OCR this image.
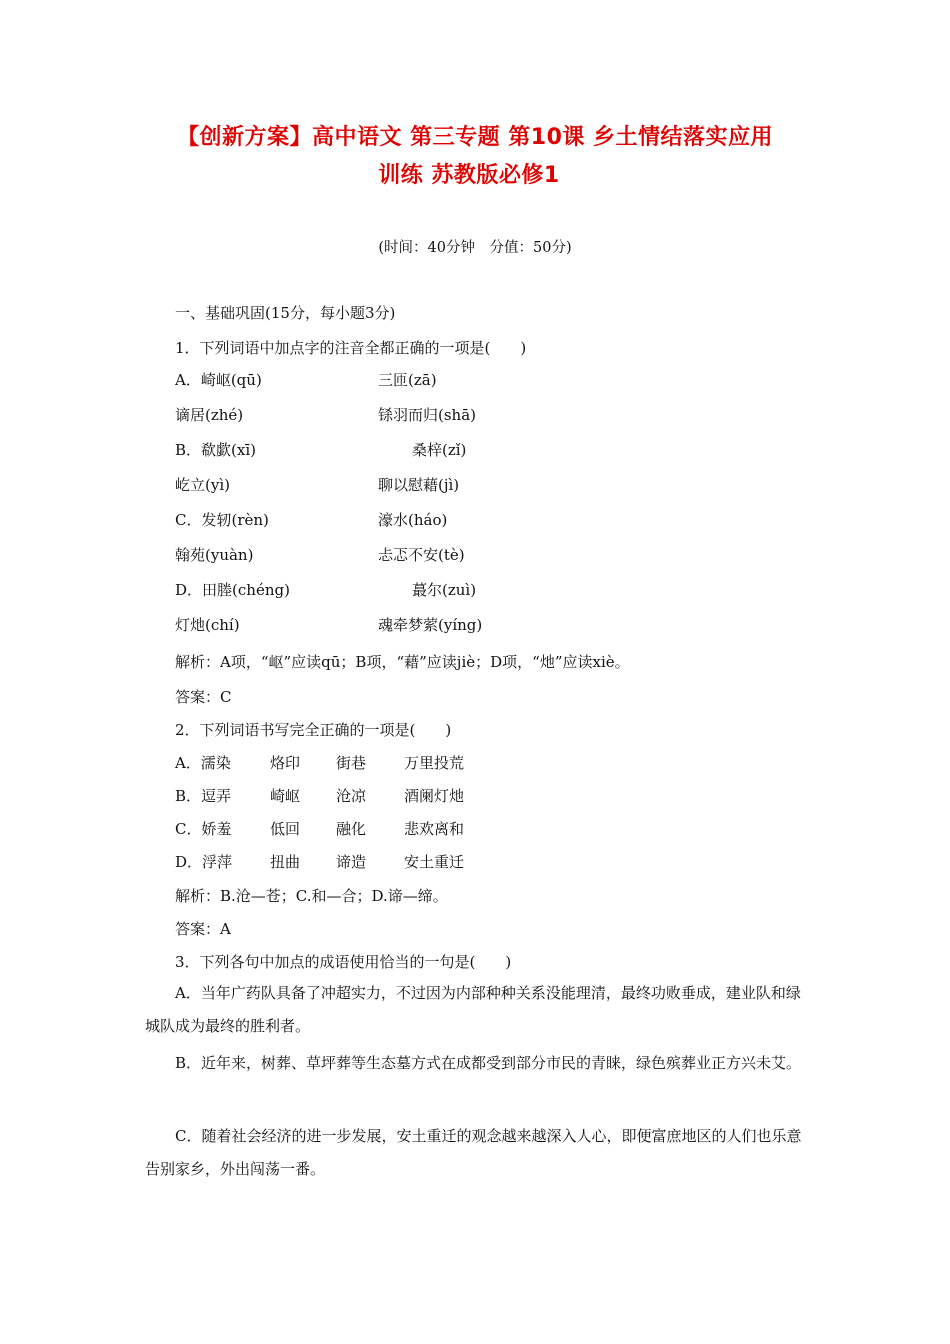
【创新方案】高中语文 第三专题 第10课 乡土情结落实应用
训练 苏教版必修1
(时间：40分钟　分值：50分)
一、基础巩固(15分，每小题3分)
1．下列词语中加点字的注音全都正确的一项是(　　)
A．崎岖(qū)	三匝(zā)
谪居(zhé)	铩羽而归(shā)
B．欷歔(xī)	桑梓(zǐ)
屹立(yì)	聊以慰藉(jì)
C．发轫(rèn)	濠水(háo)
翰苑(yuàn)	忐忑不安(tè)
D．田塍(chéng)	蕞尔(zuì)
灯灺(chí)	魂牵梦萦(yíng)
解析：A项，“岖”应读qū；B项，“藉”应读jiè；D项，“灺”应读xiè。
答案：C
2．下列词语书写完全正确的一项是(　　)
A．濡染	烙印 街巷	万里投荒
B．逗弄	崎岖 沧凉	酒阑灯灺
C．娇羞	低回 融化	悲欢离和
D．浮萍	扭曲 谛造	安土重迁
解析：B.沧—苍；C.和—合；D.谛—缔。
答案：A
3．下列各句中加点的成语使用恰当的一句是(　　)
A．当年广药队具备了冲超实力，不过因为内部种种关系没能理清，最终功败垂成，建业队和绿城队成为最终的胜利者。
B．近年来，树葬、草坪葬等生态墓方式在成都受到部分市民的青睐，绿色殡葬业正方兴未艾。
C．随着社会经济的进一步发展，安土重迁的观念越来越深入人心，即便富庶地区的人们也乐意告别家乡，外出闯荡一番。
